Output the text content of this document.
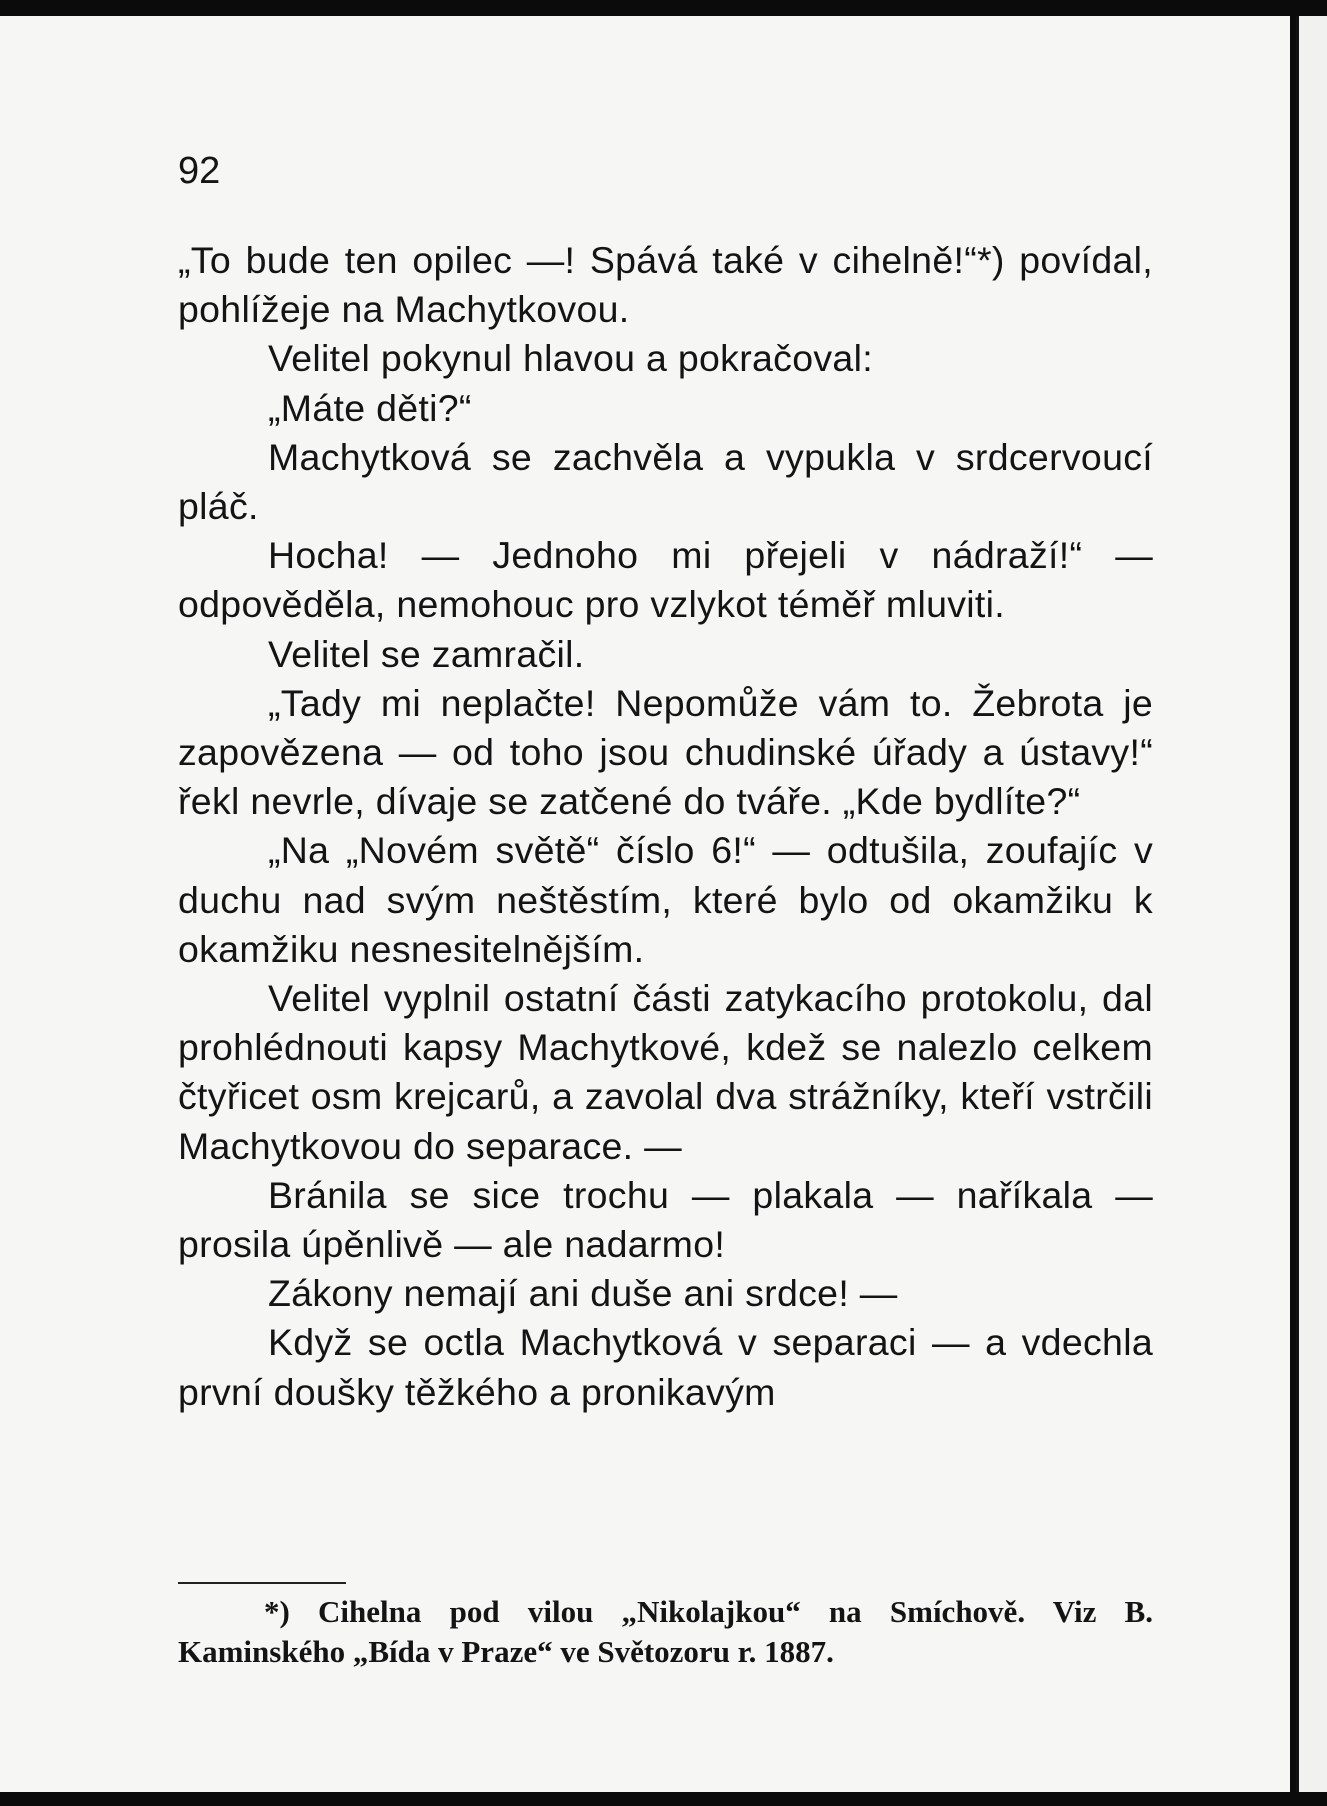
92

„To bude ten opilec —! Spává také v cihelně!“*) povídal, pohlížeje na Machytkovou.

Velitel pokynul hlavou a pokračoval:

„Máte děti?“

Machytková se zachvěla a vypukla v srdcervoucí pláč.

Hocha! — Jednoho mi přejeli v nádraží!“ — odpověděla, nemohouc pro vzlykot téměř mluviti.

Velitel se zamračil.

„Tady mi neplačte! Nepomůže vám to. Žebrota je zapovězena — od toho jsou chudinské úřady a ústavy!“ řekl nevrle, dívaje se zatčené do tváře. „Kde bydlíte?“

„Na „Novém světě“ číslo 6!“ — odtušila, zoufajíc v duchu nad svým neštěstím, které bylo od okamžiku k okamžiku nesnesitelnějším.

Velitel vyplnil ostatní části zatykacího protokolu, dal prohlédnouti kapsy Machytkové, kdež se nalezlo celkem čtyřicet osm krejcarů, a zavolal dva strážníky, kteří vstrčili Machytkovou do separace. —

Bránila se sice trochu — plakala — naříkala — prosila úpěnlivě — ale nadarmo!

Zákony nemají ani duše ani srdce! —

Když se octla Machytková v separaci — a vdechla první doušky těžkého a pronikavým

*) Cihelna pod vilou „Nikolajkou“ na Smíchově. Viz B. Kaminského „Bída v Praze“ ve Světozoru r. 1887.
